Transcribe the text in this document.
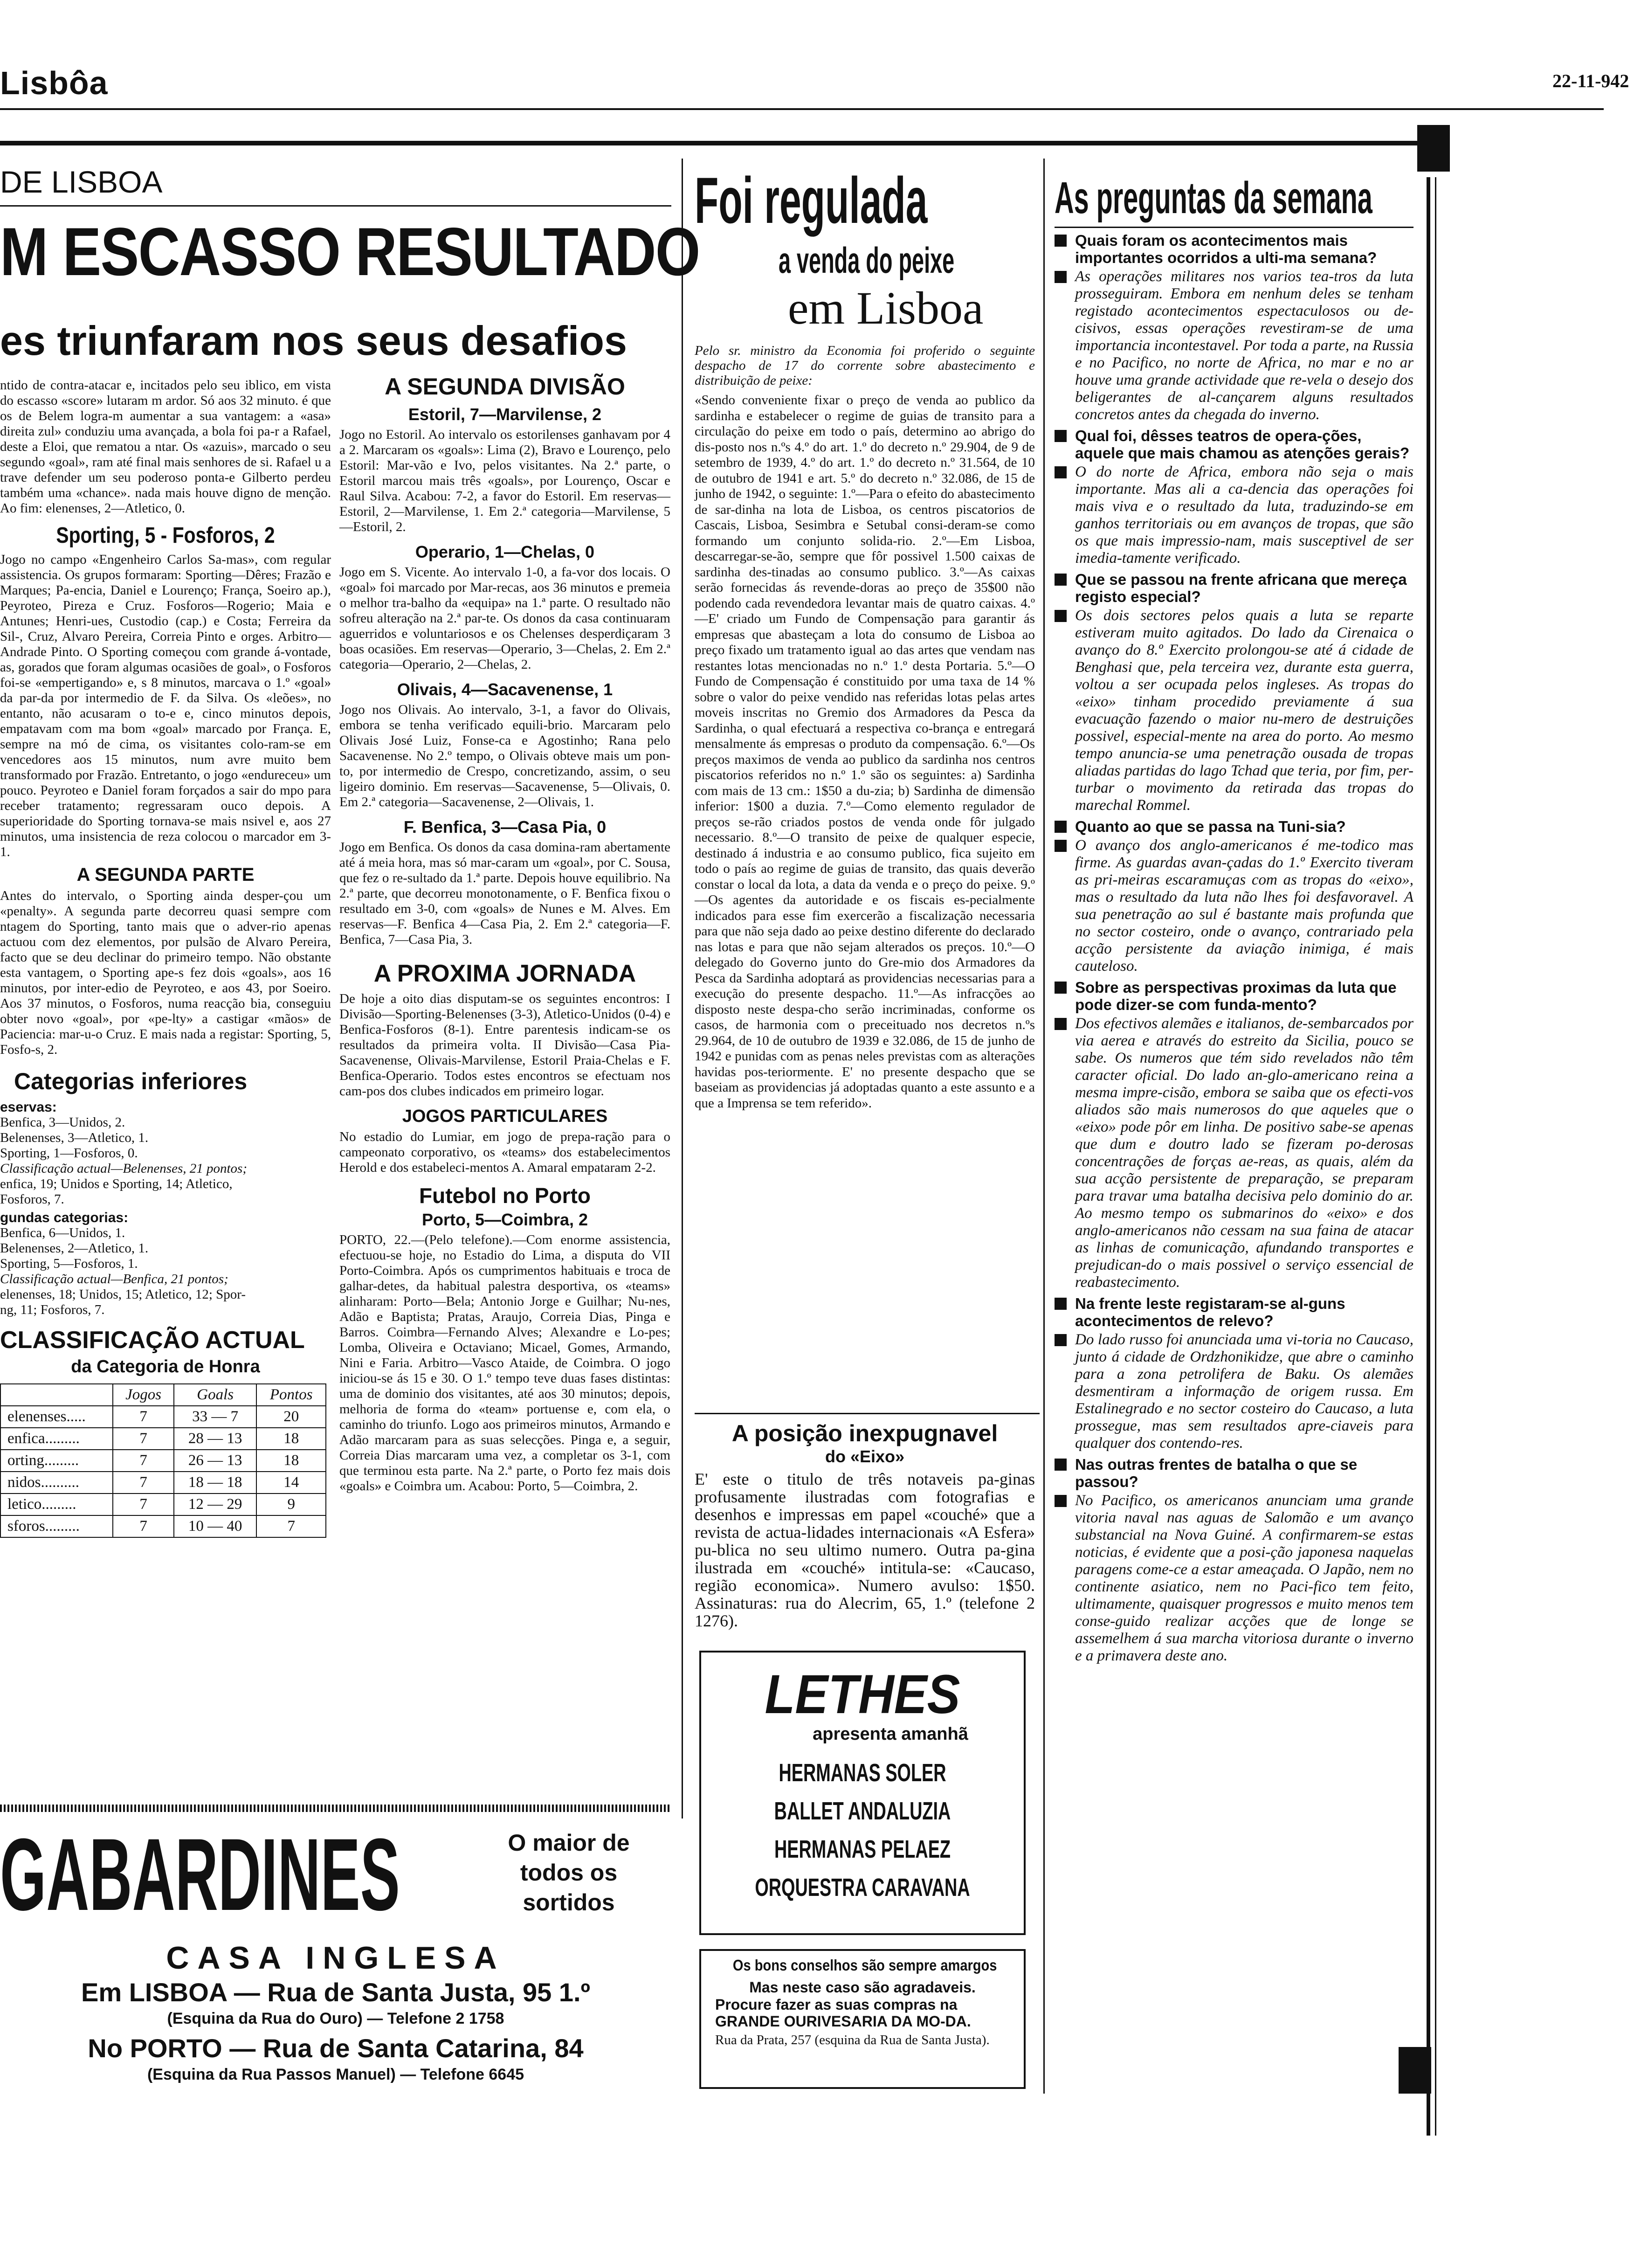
Lisbôa	22-11-942
DE LISBOA
M ESCASSO RESULTADO
es triunfaram nos seus desafios
ntido de contra-atacar e, incitados pelo seu iblico, em vista do escasso «score» lutaram m ardor. Só aos 32 minuto. é que os de Belem logra-m aumentar a sua vantagem: a «asa» direita zul» conduziu uma avançada, a bola foi pa-r a Rafael, deste a Eloi, que rematou a ntar. Os «azuis», marcado o seu segundo «goal», ram até final mais senhores de si. Rafael u a trave defender um seu poderoso ponta-e Gilberto perdeu também uma «chance». nada mais houve digno de menção. Ao fim: elenenses, 2—Atletico, 0.
Sporting, 5 - Fosforos, 2
Jogo no campo «Engenheiro Carlos Sa-mas», com regular assistencia. Os grupos formaram: Sporting—Dêres; Frazão e Marques; Pa-encia, Daniel e Lourenço; França, Soeiro ap.), Peyroteo, Pireza e Cruz. Fosforos—Rogerio; Maia e Antunes; Henri-ues, Custodio (cap.) e Costa; Ferreira da Sil-, Cruz, Alvaro Pereira, Correia Pinto e orges. Arbitro—Andrade Pinto. O Sporting começou com grande á-vontade, as, gorados que foram algumas ocasiões de goal», o Fosforos foi-se «empertigando» e, s 8 minutos, marcava o 1.º «goal» da par-da por intermedio de F. da Silva. Os «leões», no entanto, não acusaram o to-e e, cinco minutos depois, empatavam com ma bom «goal» marcado por França. E, sempre na mó de cima, os visitantes colo-ram-se em vencedores aos 15 minutos, num avre muito bem transformado por Frazão. Entretanto, o jogo «endureceu» um pouco. Peyroteo e Daniel foram forçados a sair do mpo para receber tratamento; regressaram ouco depois. A superioridade do Sporting tornava-se mais nsivel e, aos 27 minutos, uma insistencia de reza colocou o marcador em 3-1.
A SEGUNDA PARTE
Antes do intervalo, o Sporting ainda desper-çou um «penalty». A segunda parte decorreu quasi sempre com ntagem do Sporting, tanto mais que o adver-rio apenas actuou com dez elementos, por pulsão de Alvaro Pereira, facto que se deu declinar do primeiro tempo. Não obstante esta vantagem, o Sporting ape-s fez dois «goals», aos 16 minutos, por inter-edio de Peyroteo, e aos 43, por Soeiro. Aos 37 minutos, o Fosforos, numa reacção bia, conseguiu obter novo «goal», por «pe-lty» a castigar «mãos» de Paciencia: mar-u-o Cruz. E mais nada a registar: Sporting, 5, Fosfo-s, 2.
Categorias inferiores
eservas:
Benfica, 3—Unidos, 2.
Belenenses, 3—Atletico, 1.
Sporting, 1—Fosforos, 0.
Classificação actual—Belenenses, 21 pontos;
enfica, 19; Unidos e Sporting, 14; Atletico,
Fosforos, 7.
gundas categorias:
Benfica, 6—Unidos, 1.
Belenenses, 2—Atletico, 1.
Sporting, 5—Fosforos, 1.
Classificação actual—Benfica, 21 pontos;
elenenses, 18; Unidos, 15; Atletico, 12; Spor-
ng, 11; Fosforos, 7.
CLASSIFICAÇÃO ACTUAL
da Categoria de Honra
	Jogos	Goals	Pontos
elenenses.....	7	33 — 7	20
enfica.........	7	28 — 13	18
orting.........	7	26 — 13	18
nidos..........	7	18 — 18	14
letico.........	7	12 — 29	9
sforos.........	7	10 — 40	7
A SEGUNDA DIVISÃO
Estoril, 7—Marvilense, 2
Jogo no Estoril. Ao intervalo os estorilenses ganhavam por 4 a 2. Marcaram os «goals»: Lima (2), Bravo e Lourenço, pelo Estoril: Mar-vão e Ivo, pelos visitantes. Na 2.ª parte, o Estoril marcou mais três «goals», por Lourenço, Oscar e Raul Silva. Acabou: 7-2, a favor do Estoril. Em reservas—Estoril, 2—Marvilense, 1. Em 2.ª categoria—Marvilense, 5—Estoril, 2.
Operario, 1—Chelas, 0
Jogo em S. Vicente. Ao intervalo 1-0, a fa-vor dos locais. O «goal» foi marcado por Mar-recas, aos 36 minutos e premeia o melhor tra-balho da «equipa» na 1.ª parte. O resultado não sofreu alteração na 2.ª par-te. Os donos da casa continuaram aguerridos e voluntariosos e os Chelenses desperdiçaram 3 boas ocasiões. Em reservas—Operario, 3—Chelas, 2. Em 2.ª categoria—Operario, 2—Chelas, 2.
Olivais, 4—Sacavenense, 1
Jogo nos Olivais. Ao intervalo, 3-1, a favor do Olivais, embora se tenha verificado equili-brio. Marcaram pelo Olivais José Luiz, Fonse-ca e Agostinho; Rana pelo Sacavenense. No 2.º tempo, o Olivais obteve mais um pon-to, por intermedio de Crespo, concretizando, assim, o seu ligeiro dominio. Em reservas—Sacavenense, 5—Olivais, 0. Em 2.ª categoria—Sacavenense, 2—Olivais, 1.
F. Benfica, 3—Casa Pia, 0
Jogo em Benfica. Os donos da casa domina-ram abertamente até á meia hora, mas só mar-caram um «goal», por C. Sousa, que fez o re-sultado da 1.ª parte. Depois houve equilibrio. Na 2.ª parte, que decorreu monotonamente, o F. Benfica fixou o resultado em 3-0, com «goals» de Nunes e M. Alves. Em reservas—F. Benfica 4—Casa Pia, 2. Em 2.ª categoria—F. Benfica, 7—Casa Pia, 3.
A PROXIMA JORNADA
De hoje a oito dias disputam-se os seguintes encontros: I Divisão—Sporting-Belenenses (3-3), Atletico-Unidos (0-4) e Benfica-Fosforos (8-1). Entre parentesis indicam-se os resultados da primeira volta. II Divisão—Casa Pia-Sacavenense, Olivais-Marvilense, Estoril Praia-Chelas e F. Benfica-Operario. Todos estes encontros se efectuam nos cam-pos dos clubes indicados em primeiro logar.
JOGOS PARTICULARES
No estadio do Lumiar, em jogo de prepa-ração para o campeonato corporativo, os «teams» dos estabelecimentos Herold e dos estabeleci-mentos A. Amaral empataram 2-2.
Futebol no Porto
Porto, 5—Coimbra, 2
PORTO, 22.—(Pelo telefone).—Com enorme assistencia, efectuou-se hoje, no Estadio do Lima, a disputa do VII Porto-Coimbra. Após os cumprimentos habituais e troca de galhar-detes, da habitual palestra desportiva, os «teams» alinharam: Porto—Bela; Antonio Jorge e Guilhar; Nu-nes, Adão e Baptista; Pratas, Araujo, Correia Dias, Pinga e Barros. Coimbra—Fernando Alves; Alexandre e Lo-pes; Lomba, Oliveira e Octaviano; Micael, Gomes, Armando, Nini e Faria. Arbitro—Vasco Ataide, de Coimbra. O jogo iniciou-se ás 15 e 30. O 1.º tempo teve duas fases distintas: uma de dominio dos visitantes, até aos 30 minutos; depois, melhoria de forma do «team» portuense e, com ela, o caminho do triunfo. Logo aos primeiros minutos, Armando e Adão marcaram para as suas selecções. Pinga e, a seguir, Correia Dias marcaram uma vez, a completar os 3-1, com que terminou esta parte. Na 2.ª parte, o Porto fez mais dois «goals» e Coimbra um. Acabou: Porto, 5—Coimbra, 2.
Foi regulada
a venda do peixe
em Lisboa
Pelo sr. ministro da Economia foi proferido o seguinte despacho de 17 do corrente sobre abastecimento e distribuição de peixe:
«Sendo conveniente fixar o preço de venda ao publico da sardinha e estabelecer o regime de guias de transito para a circulação do peixe em todo o país, determino ao abrigo do dis-posto nos n.ºs 4.º do art. 1.º do decreto n.º 29.904, de 9 de setembro de 1939, 4.º do art. 1.º do decreto n.º 31.564, de 10 de outubro de 1941 e art. 5.º do decreto n.º 32.086, de 15 de junho de 1942, o seguinte: 1.º—Para o efeito do abastecimento de sar-dinha na lota de Lisboa, os centros piscatorios de Cascais, Lisboa, Sesimbra e Setubal consi-deram-se como formando um conjunto solida-rio. 2.º—Em Lisboa, descarregar-se-ão, sempre que fôr possivel 1.500 caixas de sardinha des-tinadas ao consumo publico. 3.º—As caixas serão fornecidas ás revende-doras ao preço de 35$00 não podendo cada revendedora levantar mais de quatro caixas. 4.º—E' criado um Fundo de Compensação para garantir ás empresas que abasteçam a lota do consumo de Lisboa ao preço fixado um tratamento igual ao das artes que vendam nas restantes lotas mencionadas no n.º 1.º desta Portaria. 5.º—O Fundo de Compensação é constituido por uma taxa de 14 % sobre o valor do peixe vendido nas referidas lotas pelas artes moveis inscritas no Gremio dos Armadores da Pesca da Sardinha, o qual efectuará a respectiva co-brança e entregará mensalmente ás empresas o produto da compensação. 6.º—Os preços maximos de venda ao publico da sardinha nos centros piscatorios referidos no n.º 1.º são os seguintes: a) Sardinha com mais de 13 cm.: 1$50 a du-zia; b) Sardinha de dimensão inferior: 1$00 a duzia. 7.º—Como elemento regulador de preços se-rão criados postos de venda onde fôr julgado necessario. 8.º—O transito de peixe de qualquer especie, destinado á industria e ao consumo publico, fica sujeito em todo o país ao regime de guias de transito, das quais deverão constar o local da lota, a data da venda e o preço do peixe. 9.º—Os agentes da autoridade e os fiscais es-pecialmente indicados para esse fim exercerão a fiscalização necessaria para que não seja dado ao peixe destino diferente do declarado nas lotas e para que não sejam alterados os preços. 10.º—O delegado do Governo junto do Gre-mio dos Armadores da Pesca da Sardinha adoptará as providencias necessarias para a execução do presente despacho. 11.º—As infracções ao disposto neste despa-cho serão incriminadas, conforme os casos, de harmonia com o preceituado nos decretos n.ºs 29.964, de 10 de outubro de 1939 e 32.086, de 15 de junho de 1942 e punidas com as penas neles previstas com as alterações havidas pos-teriormente. E' no presente despacho que se baseiam as providencias já adoptadas quanto a este assunto e a que a Imprensa se tem referido».
A posição inexpugnavel
do «Eixo»
E' este o titulo de três notaveis pa-ginas profusamente ilustradas com fotografias e desenhos e impressas em papel «couché» que a revista de actua-lidades internacionais «A Esfera» pu-blica no seu ultimo numero. Outra pa-gina ilustrada em «couché» intitula-se: «Caucaso, região economica». Numero avulso: 1$50. Assinaturas: rua do Alecrim, 65, 1.º (telefone 2 1276).

LETHES

apresenta amanhã

HERMANAS SOLER

BALLET ANDALUZIA

HERMANAS PELAEZ

ORQUESTRA CARAVANA

Os bons conselhos são sempre amargos
Mas neste caso são agradaveis.
Procure fazer as suas compras na GRANDE OURIVESARIA DA MO-DA.
Rua da Prata, 257 (esquina da Rua de Santa Justa).
GABARDINES	O maior de todos os sortidos
CASA INGLESA
Em LISBOA — Rua de Santa Justa, 95 1.º
(Esquina da Rua do Ouro) — Telefone 2 1758
No PORTO — Rua de Santa Catarina, 84
(Esquina da Rua Passos Manuel) — Telefone 6645
As preguntas da semana
Quais foram os acontecimentos mais importantes ocorridos a ulti-ma semana?
As operações militares nos varios tea-tros da luta prosseguiram. Embora em nenhum deles se tenham registado acontecimentos espectaculosos ou de-cisivos, essas operações revestiram-se de uma importancia incontestavel. Por toda a parte, na Russia e no Pacifico, no norte de Africa, no mar e no ar houve uma grande actividade que re-vela o desejo dos beligerantes de al-cançarem alguns resultados concretos antes da chegada do inverno.
Qual foi, dêsses teatros de opera-ções, aquele que mais chamou as atenções gerais?
O do norte de Africa, embora não seja o mais importante. Mas ali a ca-dencia das operações foi mais viva e o resultado da luta, traduzindo-se em ganhos territoriais ou em avanços de tropas, que são os que mais impressio-nam, mais susceptivel de ser imedia-tamente verificado.
Que se passou na frente africana que mereça registo especial?
Os dois sectores pelos quais a luta se reparte estiveram muito agitados. Do lado da Cirenaica o avanço do 8.º Exercito prolongou-se até á cidade de Benghasi que, pela terceira vez, durante esta guerra, voltou a ser ocupada pelos ingleses. As tropas do «eixo» tinham procedido previamente á sua evacuação fazendo o maior nu-mero de destruições possivel, especial-mente na area do porto. Ao mesmo tempo anuncia-se uma penetração ousada de tropas aliadas partidas do lago Tchad que teria, por fim, per-turbar o movimento da retirada das tropas do marechal Rommel.
Quanto ao que se passa na Tuni-sia?
O avanço dos anglo-americanos é me-todico mas firme. As guardas avan-çadas do 1.º Exercito tiveram as pri-meiras escaramuças com as tropas do «eixo», mas o resultado da luta não lhes foi desfavoravel. A sua penetração ao sul é bastante mais profunda que no sector costeiro, onde o avanço, contrariado pela acção persistente da aviação inimiga, é mais cauteloso.
Sobre as perspectivas proximas da luta que pode dizer-se com funda-mento?
Dos efectivos alemães e italianos, de-sembarcados por via aerea e através do estreito da Sicilia, pouco se sabe. Os numeros que tém sido revelados não têm caracter oficial. Do lado an-glo-americano reina a mesma impre-cisão, embora se saiba que os efecti-vos aliados são mais numerosos do que aqueles que o «eixo» pode pôr em linha. De positivo sabe-se apenas que dum e doutro lado se fizeram po-derosas concentrações de forças ae-reas, as quais, além da sua acção persistente de preparação, se preparam para travar uma batalha decisiva pelo dominio do ar. Ao mesmo tempo os submarinos do «eixo» e dos anglo-americanos não cessam na sua faina de atacar as linhas de comunicação, afundando transportes e prejudican-do o mais possivel o serviço essencial de reabastecimento.
Na frente leste registaram-se al-guns acontecimentos de relevo?
Do lado russo foi anunciada uma vi-toria no Caucaso, junto á cidade de Ordzhonikidze, que abre o caminho para a zona petrolifera de Baku. Os alemães desmentiram a informação de origem russa. Em Estalinegrado e no sector costeiro do Caucaso, a luta prossegue, mas sem resultados apre-ciaveis para qualquer dos contendo-res.
Nas outras frentes de batalha o que se passou?
No Pacifico, os americanos anunciam uma grande vitoria naval nas aguas de Salomão e um avanço substancial na Nova Guiné. A confirmarem-se estas noticias, é evidente que a posi-ção japonesa naquelas paragens come-ce a estar ameaçada. O Japão, nem no continente asiatico, nem no Paci-fico tem feito, ultimamente, quaisquer progressos e muito menos tem conse-guido realizar acções que de longe se assemelhem á sua marcha vitoriosa durante o inverno e a primavera deste ano.
